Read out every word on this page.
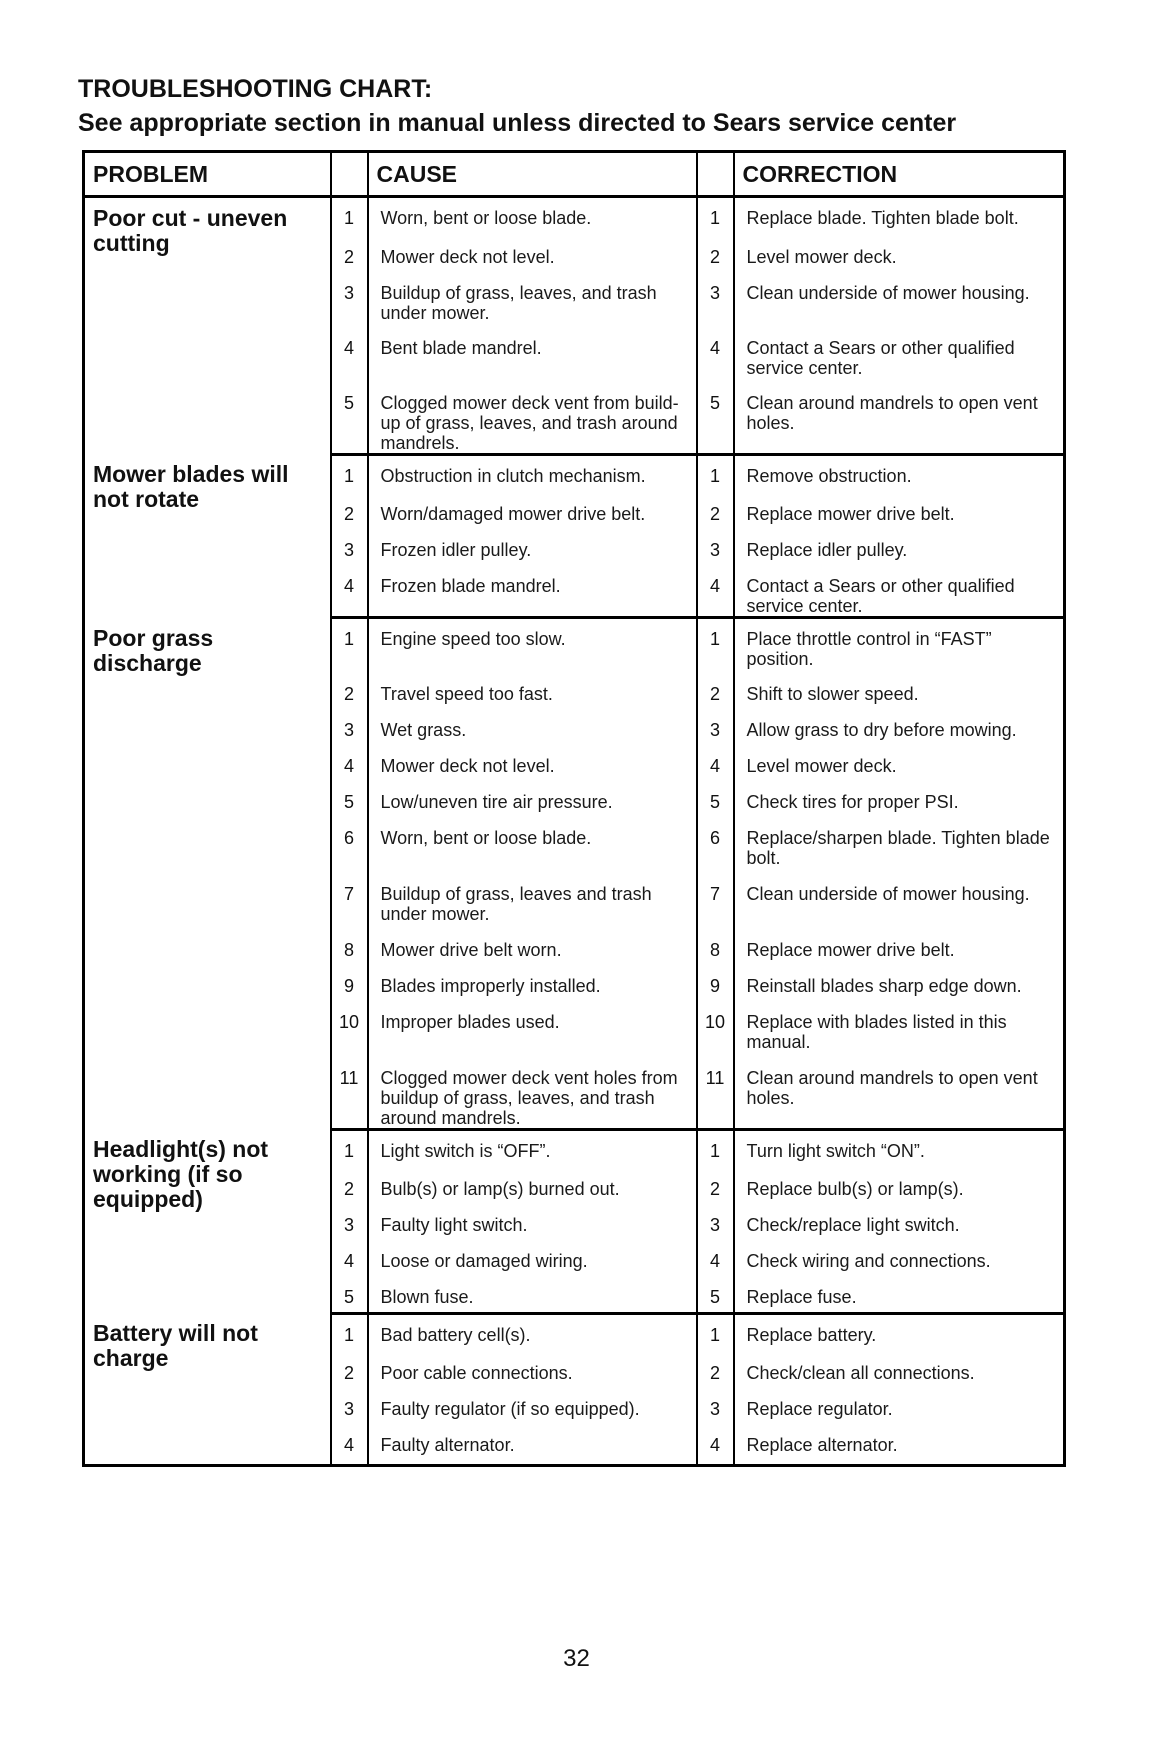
TROUBLESHOOTING CHART:
See appropriate section in manual unless directed to Sears service center
PROBLEM		CAUSE		CORRECTION
Poor cut - uneven cutting	1	Worn, bent or loose blade.	1	Replace blade. Tighten blade bolt.
	2	Mower deck not level.	2	Level mower deck.
	3	Buildup of grass, leaves, and trash under mower.	3	Clean underside of mower housing.
	4	Bent blade mandrel.	4	Contact a Sears or other qualified service center.
	5	Clogged mower deck vent from build-up of grass, leaves, and trash around mandrels.	5	Clean around mandrels to open vent holes.
Mower blades will not rotate	1	Obstruction in clutch mechanism.	1	Remove obstruction.
	2	Worn/damaged mower drive belt.	2	Replace mower drive belt.
	3	Frozen idler pulley.	3	Replace idler pulley.
	4	Frozen blade mandrel.	4	Contact a Sears or other qualified service center.
Poor grass discharge	1	Engine speed too slow.	1	Place throttle control in “FAST” position.
	2	Travel speed too fast.	2	Shift to slower speed.
	3	Wet grass.	3	Allow grass to dry before mowing.
	4	Mower deck not level.	4	Level mower deck.
	5	Low/uneven tire air pressure.	5	Check tires for proper PSI.
	6	Worn, bent or loose blade.	6	Replace/sharpen blade. Tighten blade bolt.
	7	Buildup of grass, leaves and trash under mower.	7	Clean underside of mower housing.
	8	Mower drive belt worn.	8	Replace mower drive belt.
	9	Blades improperly installed.	9	Reinstall blades sharp edge down.
	10	Improper blades used.	10	Replace with blades listed in this manual.
	11	Clogged mower deck vent holes from buildup of grass, leaves, and trash around mandrels.	11	Clean around mandrels to open vent holes.
Headlight(s) not working (if so equipped)	1	Light switch is “OFF”.	1	Turn light switch “ON”.
	2	Bulb(s) or lamp(s) burned out.	2	Replace bulb(s) or lamp(s).
	3	Faulty light switch.	3	Check/replace light switch.
	4	Loose or damaged wiring.	4	Check wiring and connections.
	5	Blown fuse.	5	Replace fuse.
Battery will not charge	1	Bad battery cell(s).	1	Replace battery.
	2	Poor cable connections.	2	Check/clean all connections.
	3	Faulty regulator (if so equipped).	3	Replace regulator.
	4	Faulty alternator.	4	Replace alternator.
32
